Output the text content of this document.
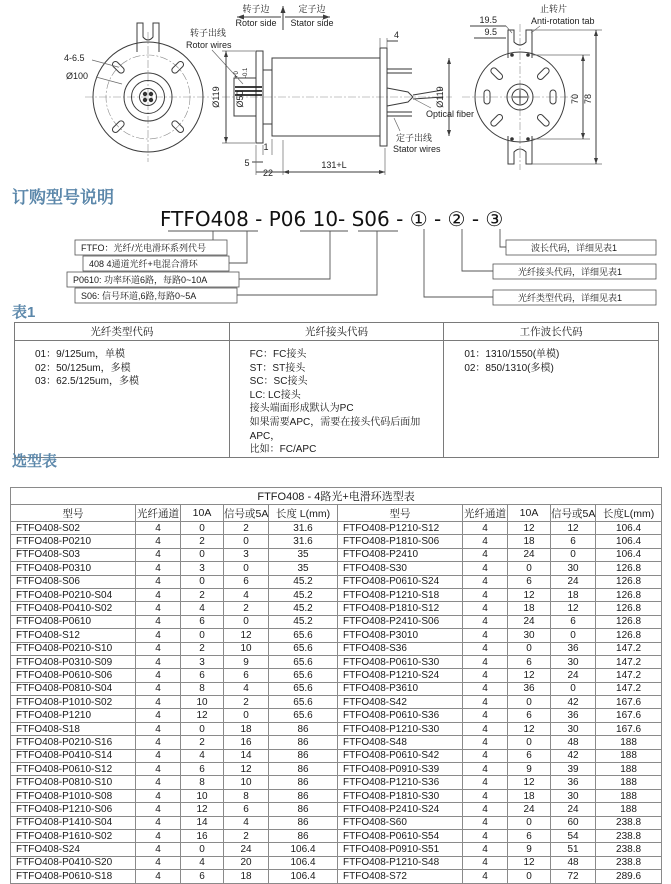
4-6.5
Ø100
转子边
Rotor side
定子边
Stator side
转子出线
Rotor wires
Ø119 Ø50
+0 -0.1
1
5
22
131+L
4
Optical fiber
Ø119
定子出线
Stator wires
19.5
9.5
止转片
Anti-rotation tab
70 78
订购型号说明
FTFO408 - P06 10- S06 - ① - ② - ③
FTFO：光纤/光电滑环系列代号
408 4通道光纤+电混合滑环
P0610: 功率环道6路，每路0~10A
S06: 信号环道,6路,每路0~5A
波长代码，详细见表1
光纤接头代码，详细见表1
光纤类型代码，详细见表1
表1
光纤类型代码	光纤接头代码	工作波长代码

01：9/125um，单模
02：50/125um，多模
03：62.5/125um，多模

FC：FC接头
ST：ST接头
SC：SC接头
LC: LC接头
接头端面形成默认为PC
如果需要APC，需要在接头代码后面加APC，
比如：FC/APC

01：1310/1550(单模)
02：850/1310(多模)
选型表
FTFO408 - 4路光+电滑环选型表									
型号	光纤通道	10A	信号或5A	长度 L(mm)	型号	光纤通道	10A	信号或5A	长度L(mm)
FTFO408-S02	4	0	2	31.6	FTFO408-P1210-S12	4	12	12	106.4
FTFO408-P0210	4	2	0	31.6	FTFO408-P1810-S06	4	18	6	106.4
FTFO408-S03	4	0	3	35	FTFO408-P2410	4	24	0	106.4
FTFO408-P0310	4	3	0	35	FTFO408-S30	4	0	30	126.8
FTFO408-S06	4	0	6	45.2	FTFO408-P0610-S24	4	6	24	126.8
FTFO408-P0210-S04	4	2	4	45.2	FTFO408-P1210-S18	4	12	18	126.8
FTFO408-P0410-S02	4	4	2	45.2	FTFO408-P1810-S12	4	18	12	126.8
FTFO408-P0610	4	6	0	45.2	FTFO408-P2410-S06	4	24	6	126.8
FTFO408-S12	4	0	12	65.6	FTFO408-P3010	4	30	0	126.8
FTFO408-P0210-S10	4	2	10	65.6	FTFO408-S36	4	0	36	147.2
FTFO408-P0310-S09	4	3	9	65.6	FTFO408-P0610-S30	4	6	30	147.2
FTFO408-P0610-S06	4	6	6	65.6	FTFO408-P1210-S24	4	12	24	147.2
FTFO408-P0810-S04	4	8	4	65.6	FTFO408-P3610	4	36	0	147.2
FTFO408-P1010-S02	4	10	2	65.6	FTFO408-S42	4	0	42	167.6
FTFO408-P1210	4	12	0	65.6	FTFO408-P0610-S36	4	6	36	167.6
FTFO408-S18	4	0	18	86	FTFO408-P1210-S30	4	12	30	167.6
FTFO408-P0210-S16	4	2	16	86	FTFO408-S48	4	0	48	188
FTFO408-P0410-S14	4	4	14	86	FTFO408-P0610-S42	4	6	42	188
FTFO408-P0610-S12	4	6	12	86	FTFO408-P0910-S39	4	9	39	188
FTFO408-P0810-S10	4	8	10	86	FTFO408-P1210-S36	4	12	36	188
FTFO408-P1010-S08	4	10	8	86	FTFO408-P1810-S30	4	18	30	188
FTFO408-P1210-S06	4	12	6	86	FTFO408-P2410-S24	4	24	24	188
FTFO408-P1410-S04	4	14	4	86	FTFO408-S60	4	0	60	238.8
FTFO408-P1610-S02	4	16	2	86	FTFO408-P0610-S54	4	6	54	238.8
FTFO408-S24	4	0	24	106.4	FTFO408-P0910-S51	4	9	51	238.8
FTFO408-P0410-S20	4	4	20	106.4	FTFO408-P1210-S48	4	12	48	238.8
FTFO408-P0610-S18	4	6	18	106.4	FTFO408-S72	4	0	72	289.6
